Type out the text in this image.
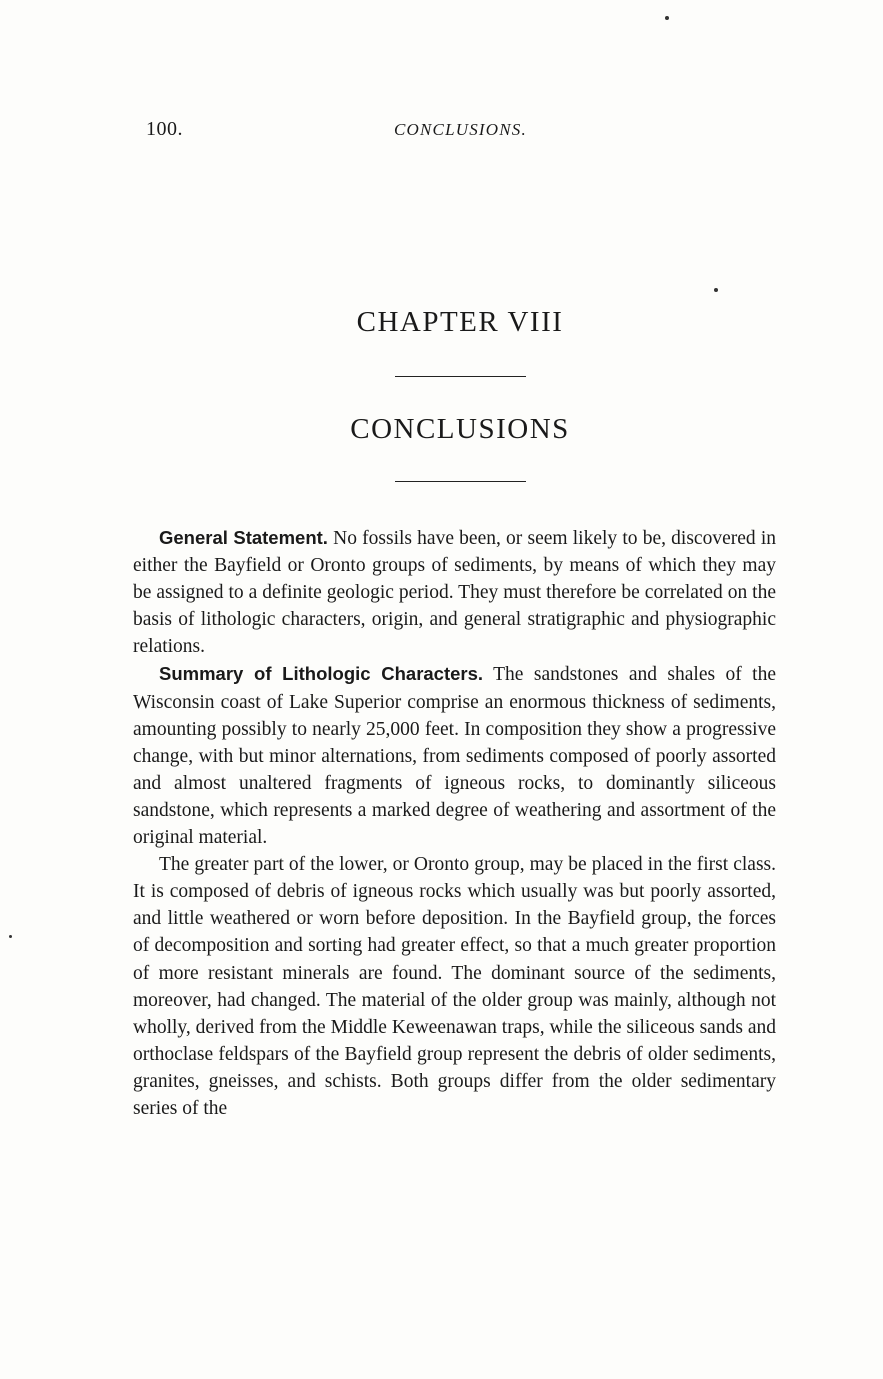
100.	CONCLUSIONS.
CHAPTER VIII
CONCLUSIONS

General Statement. No fossils have been, or seem likely to be, discovered in either the Bayfield or Oronto groups of sediments, by means of which they may be assigned to a definite geologic period. They must therefore be correlated on the basis of lithologic characters, origin, and general stratigraphic and physiographic relations.

Summary of Lithologic Characters. The sandstones and shales of the Wisconsin coast of Lake Superior comprise an enormous thickness of sediments, amounting possibly to nearly 25,000 feet. In composition they show a progressive change, with but minor alternations, from sediments composed of poorly assorted and almost unaltered fragments of igneous rocks, to dominantly siliceous sandstone, which represents a marked degree of weathering and assortment of the original material.

The greater part of the lower, or Oronto group, may be placed in the first class. It is composed of debris of igneous rocks which usually was but poorly assorted, and little weathered or worn before deposition. In the Bayfield group, the forces of decomposition and sorting had greater effect, so that a much greater proportion of more resistant minerals are found. The dominant source of the sediments, moreover, had changed. The material of the older group was mainly, although not wholly, derived from the Middle Keweenawan traps, while the siliceous sands and orthoclase feldspars of the Bayfield group represent the debris of older sediments, granites, gneisses, and schists. Both groups differ from the older sedimentary series of the
